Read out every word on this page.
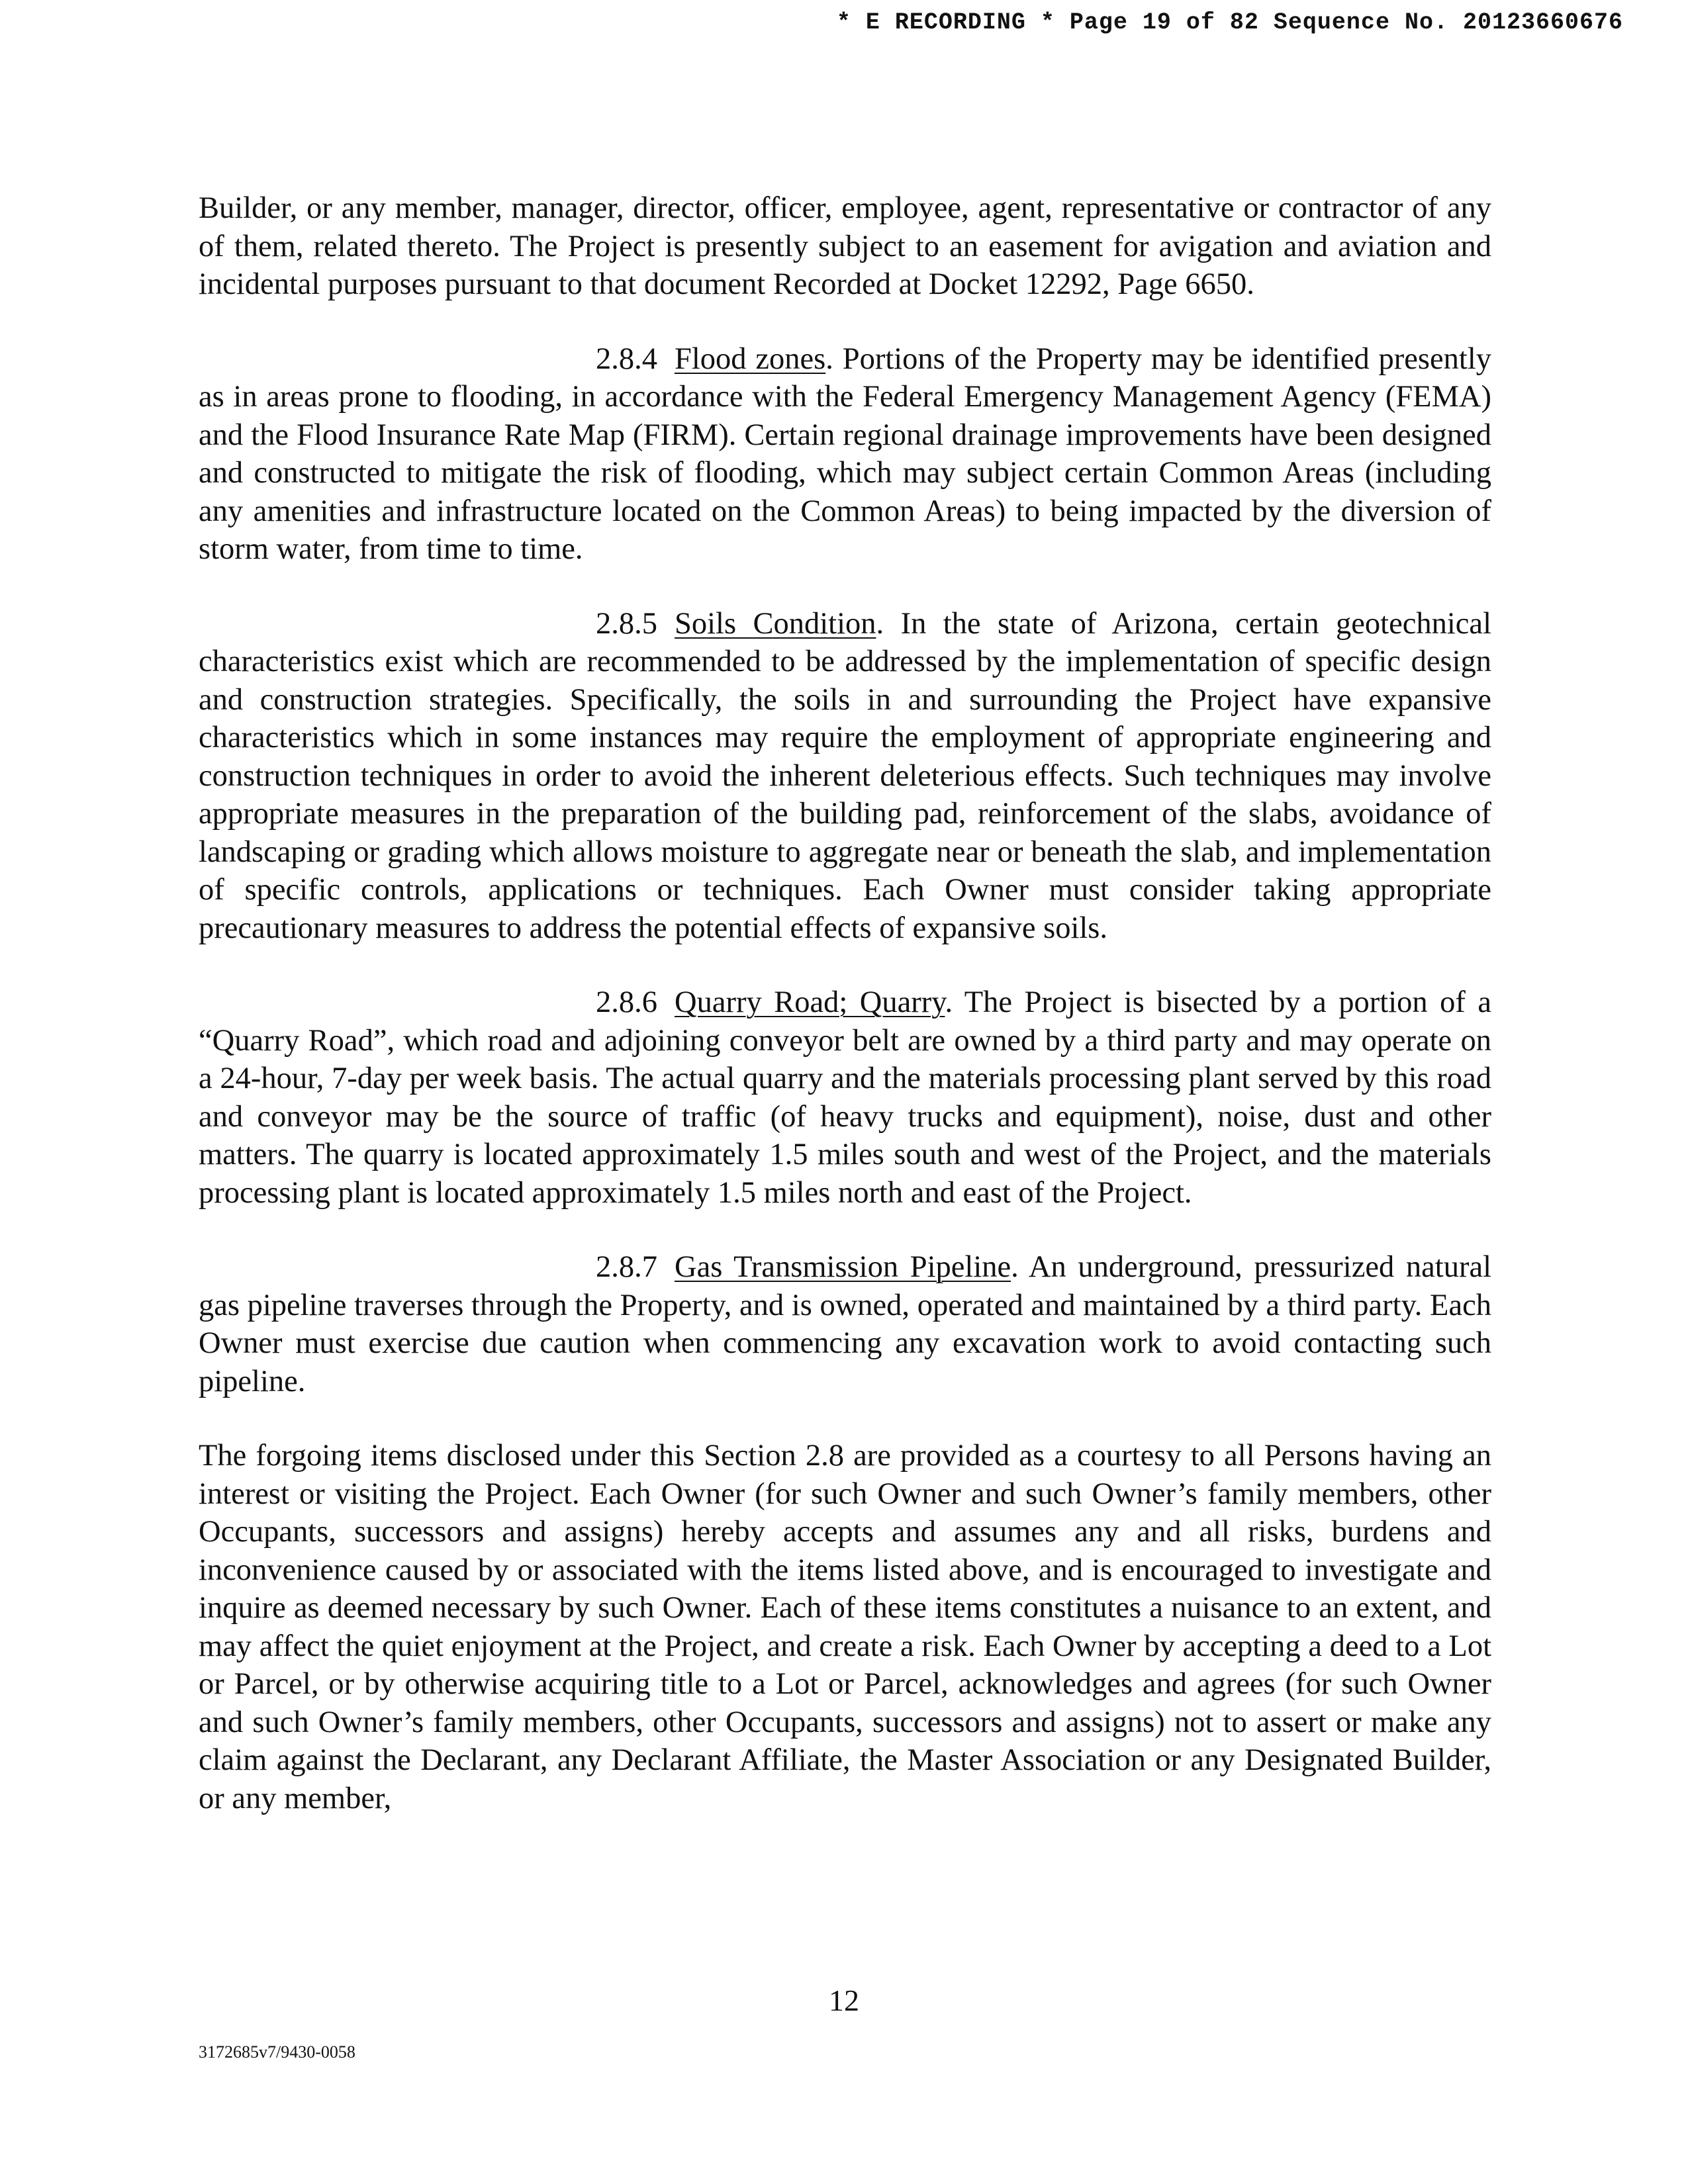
* E RECORDING * Page 19 of 82 Sequence No. 20123660676

Builder, or any member, manager, director, officer, employee, agent, representative or contractor of any of them, related thereto. The Project is presently subject to an easement for avigation and aviation and incidental purposes pursuant to that document Recorded at Docket 12292, Page 6650.

2.8.4 Flood zones. Portions of the Property may be identified presently as in areas prone to flooding, in accordance with the Federal Emergency Management Agency (FEMA) and the Flood Insurance Rate Map (FIRM). Certain regional drainage improvements have been designed and constructed to mitigate the risk of flooding, which may subject certain Common Areas (including any amenities and infrastructure located on the Common Areas) to being impacted by the diversion of storm water, from time to time.

2.8.5 Soils Condition. In the state of Arizona, certain geotechnical characteristics exist which are recommended to be addressed by the implementation of specific design and construction strategies. Specifically, the soils in and surrounding the Project have expansive characteristics which in some instances may require the employment of appropriate engineering and construction techniques in order to avoid the inherent deleterious effects. Such techniques may involve appropriate measures in the preparation of the building pad, reinforcement of the slabs, avoidance of landscaping or grading which allows moisture to aggregate near or beneath the slab, and implementation of specific controls, applications or techniques. Each Owner must consider taking appropriate precautionary measures to address the potential effects of expansive soils.

2.8.6 Quarry Road; Quarry. The Project is bisected by a portion of a “Quarry Road”, which road and adjoining conveyor belt are owned by a third party and may operate on a 24-hour, 7-day per week basis. The actual quarry and the materials processing plant served by this road and conveyor may be the source of traffic (of heavy trucks and equipment), noise, dust and other matters. The quarry is located approximately 1.5 miles south and west of the Project, and the materials processing plant is located approximately 1.5 miles north and east of the Project.

2.8.7 Gas Transmission Pipeline. An underground, pressurized natural gas pipeline traverses through the Property, and is owned, operated and maintained by a third party. Each Owner must exercise due caution when commencing any excavation work to avoid contacting such pipeline.

The forgoing items disclosed under this Section 2.8 are provided as a courtesy to all Persons having an interest or visiting the Project. Each Owner (for such Owner and such Owner’s family members, other Occupants, successors and assigns) hereby accepts and assumes any and all risks, burdens and inconvenience caused by or associated with the items listed above, and is encouraged to investigate and inquire as deemed necessary by such Owner. Each of these items constitutes a nuisance to an extent, and may affect the quiet enjoyment at the Project, and create a risk. Each Owner by accepting a deed to a Lot or Parcel, or by otherwise acquiring title to a Lot or Parcel, acknowledges and agrees (for such Owner and such Owner’s family members, other Occupants, successors and assigns) not to assert or make any claim against the Declarant, any Declarant Affiliate, the Master Association or any Designated Builder, or any member,

12
3172685v7/9430-0058
